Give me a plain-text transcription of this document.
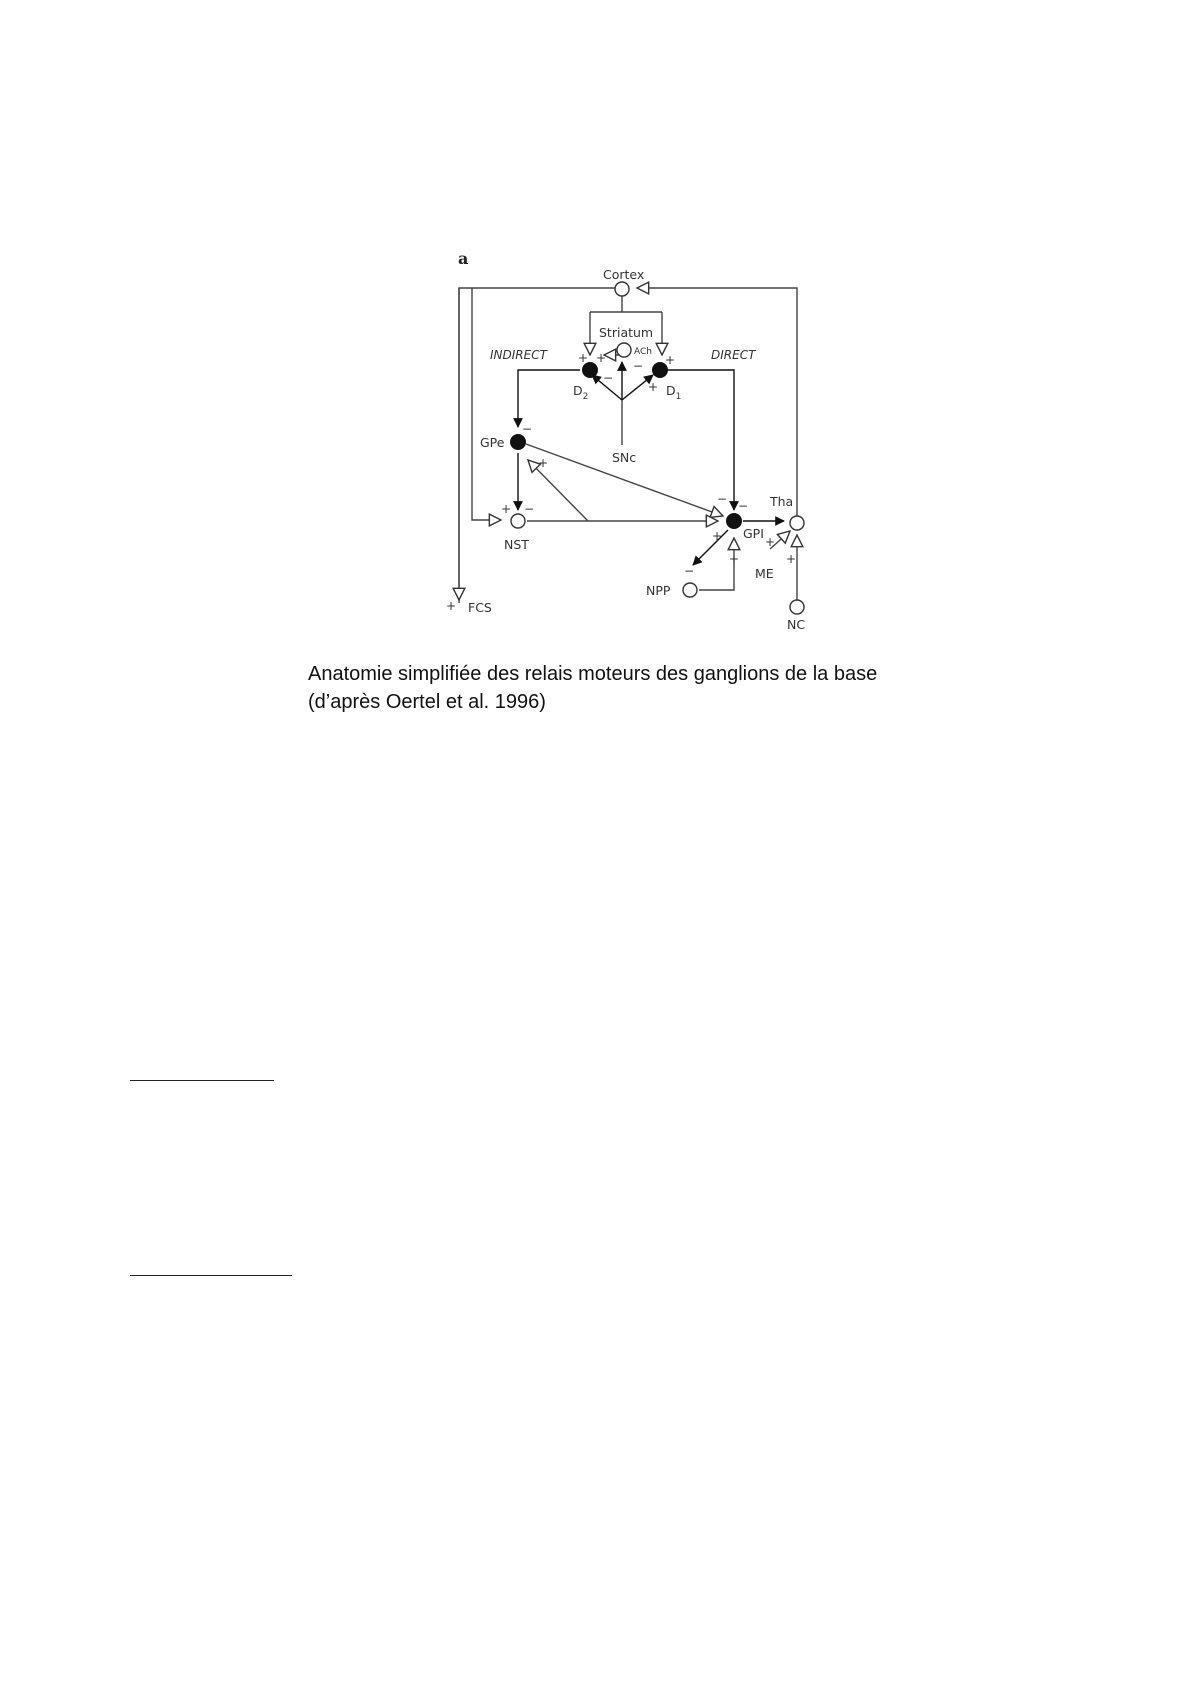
a
Cortex
Striatum
ACh
INDIRECT	DIRECT
$D_2$	$D_1$
GPe
SNc
NST
GPI
Tha
ME
NPP
NC
FCS
+ +
−
− +
+
−
+
+ −
− −
+
+
−
+
+
+
Anatomie simplifiée des relais moteurs des ganglions de la base
(d’après Oertel et al. 1996)
